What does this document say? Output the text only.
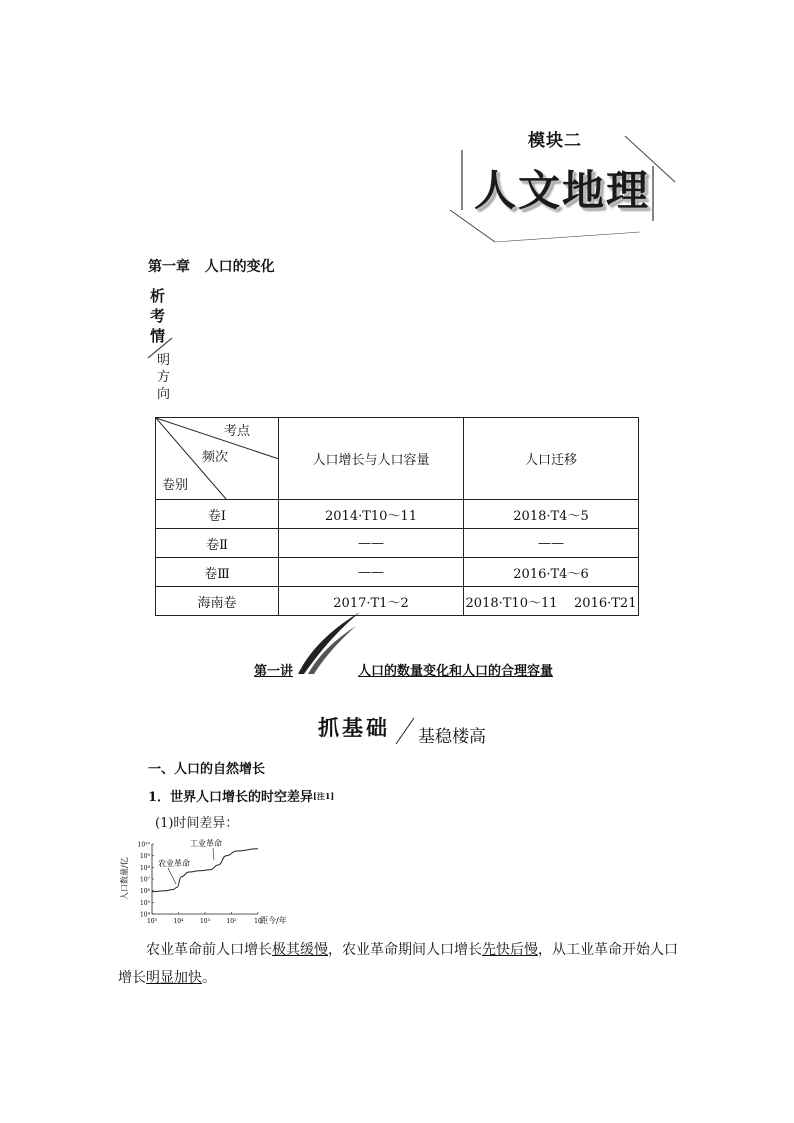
模块二
人文地理
第一章   人口的变化
析
考
情
明
方
向
考点
频次
卷别	人口增长与人口容量	人口迁移
卷Ⅰ	2014·T10～11	2018·T4～5
卷Ⅱ	——	——
卷Ⅲ	——	2016·T4～6
海南卷	2017·T1～2	2018·T10～11    2016·T21
第一讲	人口的数量变化和人口的合理容量
抓基础 基稳楼高
一、人口的自然增长
1．世界人口增长的时空差异[注1]
(1)时间差异：
10⁴
10⁵
10⁶
10⁷
10⁸
10⁹
10¹⁰
10⁵	10⁴	10³	10²	10
人口数量/亿
距今/年
农业革命
工业革命
农业革命前人口增长极其缓慢，农业革命期间人口增长先快后慢，从工业革命开始人口增长明显加快。
